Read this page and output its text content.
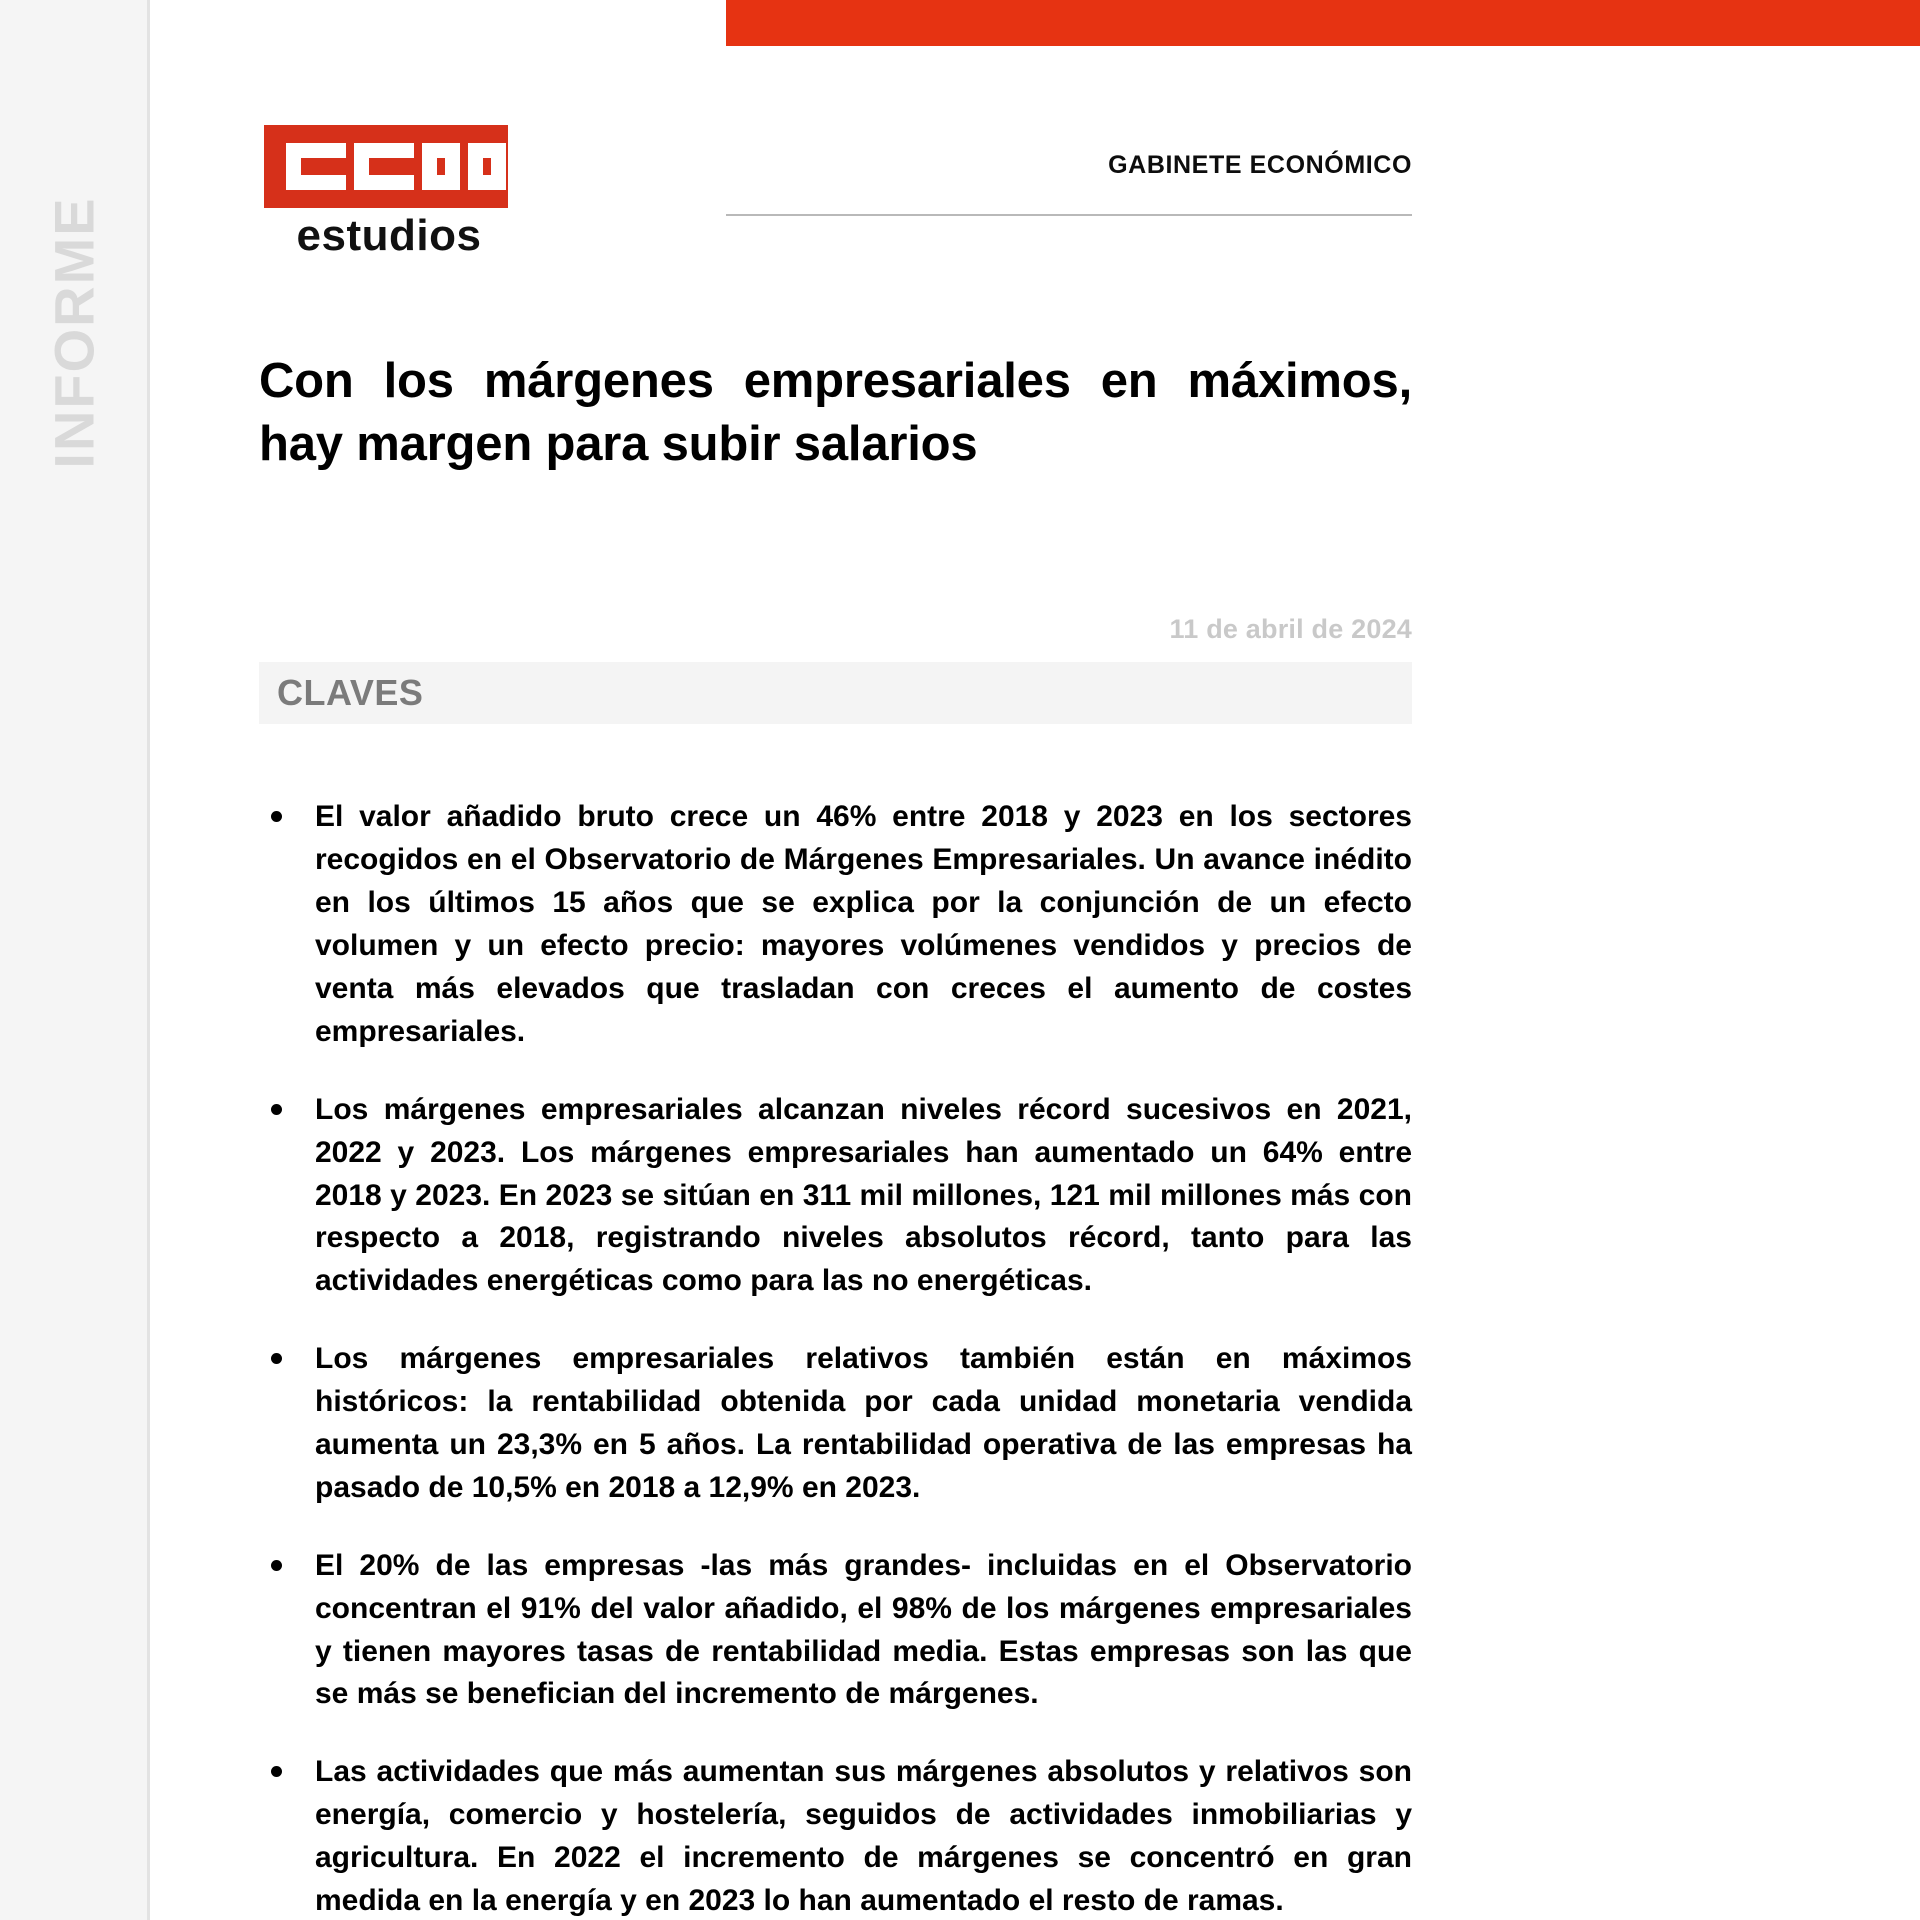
INFORME	estudios
GABINETE ECONÓMICO
Con los márgenes empresariales en máximos, hay margen para subir salarios
11 de abril de 2024
CLAVES
El valor añadido bruto crece un 46% entre 2018 y 2023 en los sectores recogidos en el Observatorio de Márgenes Empresariales. Un avance inédito en los últimos 15 años que se explica por la conjunción de un efecto volumen y un efecto precio: mayores volúmenes vendidos y precios de venta más elevados que trasladan con creces el aumento de costes empresariales.
Los márgenes empresariales alcanzan niveles récord sucesivos en 2021, 2022 y 2023. Los márgenes empresariales han aumentado un 64% entre 2018 y 2023. En 2023 se sitúan en 311 mil millones, 121 mil millones más con respecto a 2018, registrando niveles absolutos récord, tanto para las actividades energéticas como para las no energéticas.
Los márgenes empresariales relativos también están en máximos históricos: la rentabilidad obtenida por cada unidad monetaria vendida aumenta un 23,3% en 5 años. La rentabilidad operativa de las empresas ha pasado de 10,5% en 2018 a 12,9% en 2023.
El 20% de las empresas -las más grandes- incluidas en el Observatorio concentran el 91% del valor añadido, el 98% de los márgenes empresariales y tienen mayores tasas de rentabilidad media. Estas empresas son las que se más se benefician del incremento de márgenes.
Las actividades que más aumentan sus márgenes absolutos y relativos son energía, comercio y hostelería, seguidos de actividades inmobiliarias y agricultura. En 2022 el incremento de márgenes se concentró en gran medida en la energía y en 2023 lo han aumentado el resto de ramas.
